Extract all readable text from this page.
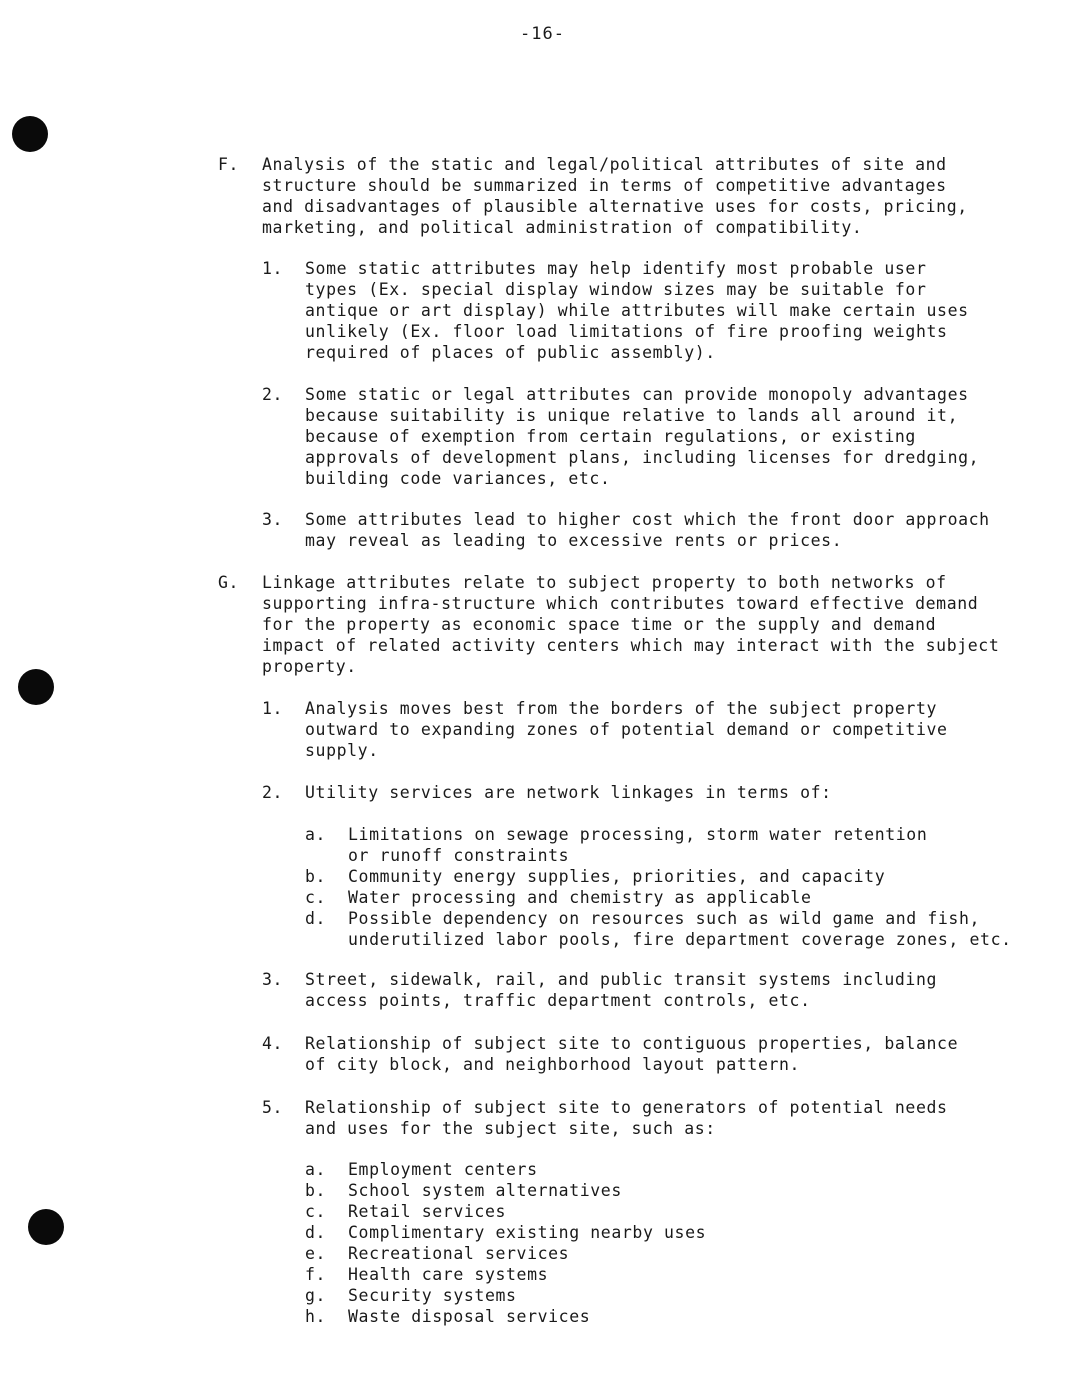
-16-
F. Analysis of the static and legal/political attributes of site and
structure should be summarized in terms of competitive advantages
and disadvantages of plausible alternative uses for costs, pricing,
marketing, and political administration of compatibility.
1. Some static attributes may help identify most probable user
types (Ex. special display window sizes may be suitable for
antique or art display) while attributes will make certain uses
unlikely (Ex. floor load limitations of fire proofing weights
required of places of public assembly).
2. Some static or legal attributes can provide monopoly advantages
because suitability is unique relative to lands all around it,
because of exemption from certain regulations, or existing
approvals of development plans, including licenses for dredging,
building code variances, etc.
3. Some attributes lead to higher cost which the front door approach
may reveal as leading to excessive rents or prices.
G. Linkage attributes relate to subject property to both networks of
supporting infra-structure which contributes toward effective demand
for the property as economic space time or the supply and demand
impact of related activity centers which may interact with the subject
property.
1. Analysis moves best from the borders of the subject property
outward to expanding zones of potential demand or competitive
supply.
2. Utility services are network linkages in terms of:
a. Limitations on sewage processing, storm water retention
or runoff constraints
b. Community energy supplies, priorities, and capacity
c. Water processing and chemistry as applicable
d. Possible dependency on resources such as wild game and fish,
underutilized labor pools, fire department coverage zones, etc.
3. Street, sidewalk, rail, and public transit systems including
access points, traffic department controls, etc.
4. Relationship of subject site to contiguous properties, balance
of city block, and neighborhood layout pattern.
5. Relationship of subject site to generators of potential needs
and uses for the subject site, such as:
a. Employment centers
b. School system alternatives
c. Retail services
d. Complimentary existing nearby uses
e. Recreational services
f. Health care systems
g. Security systems
h. Waste disposal services
